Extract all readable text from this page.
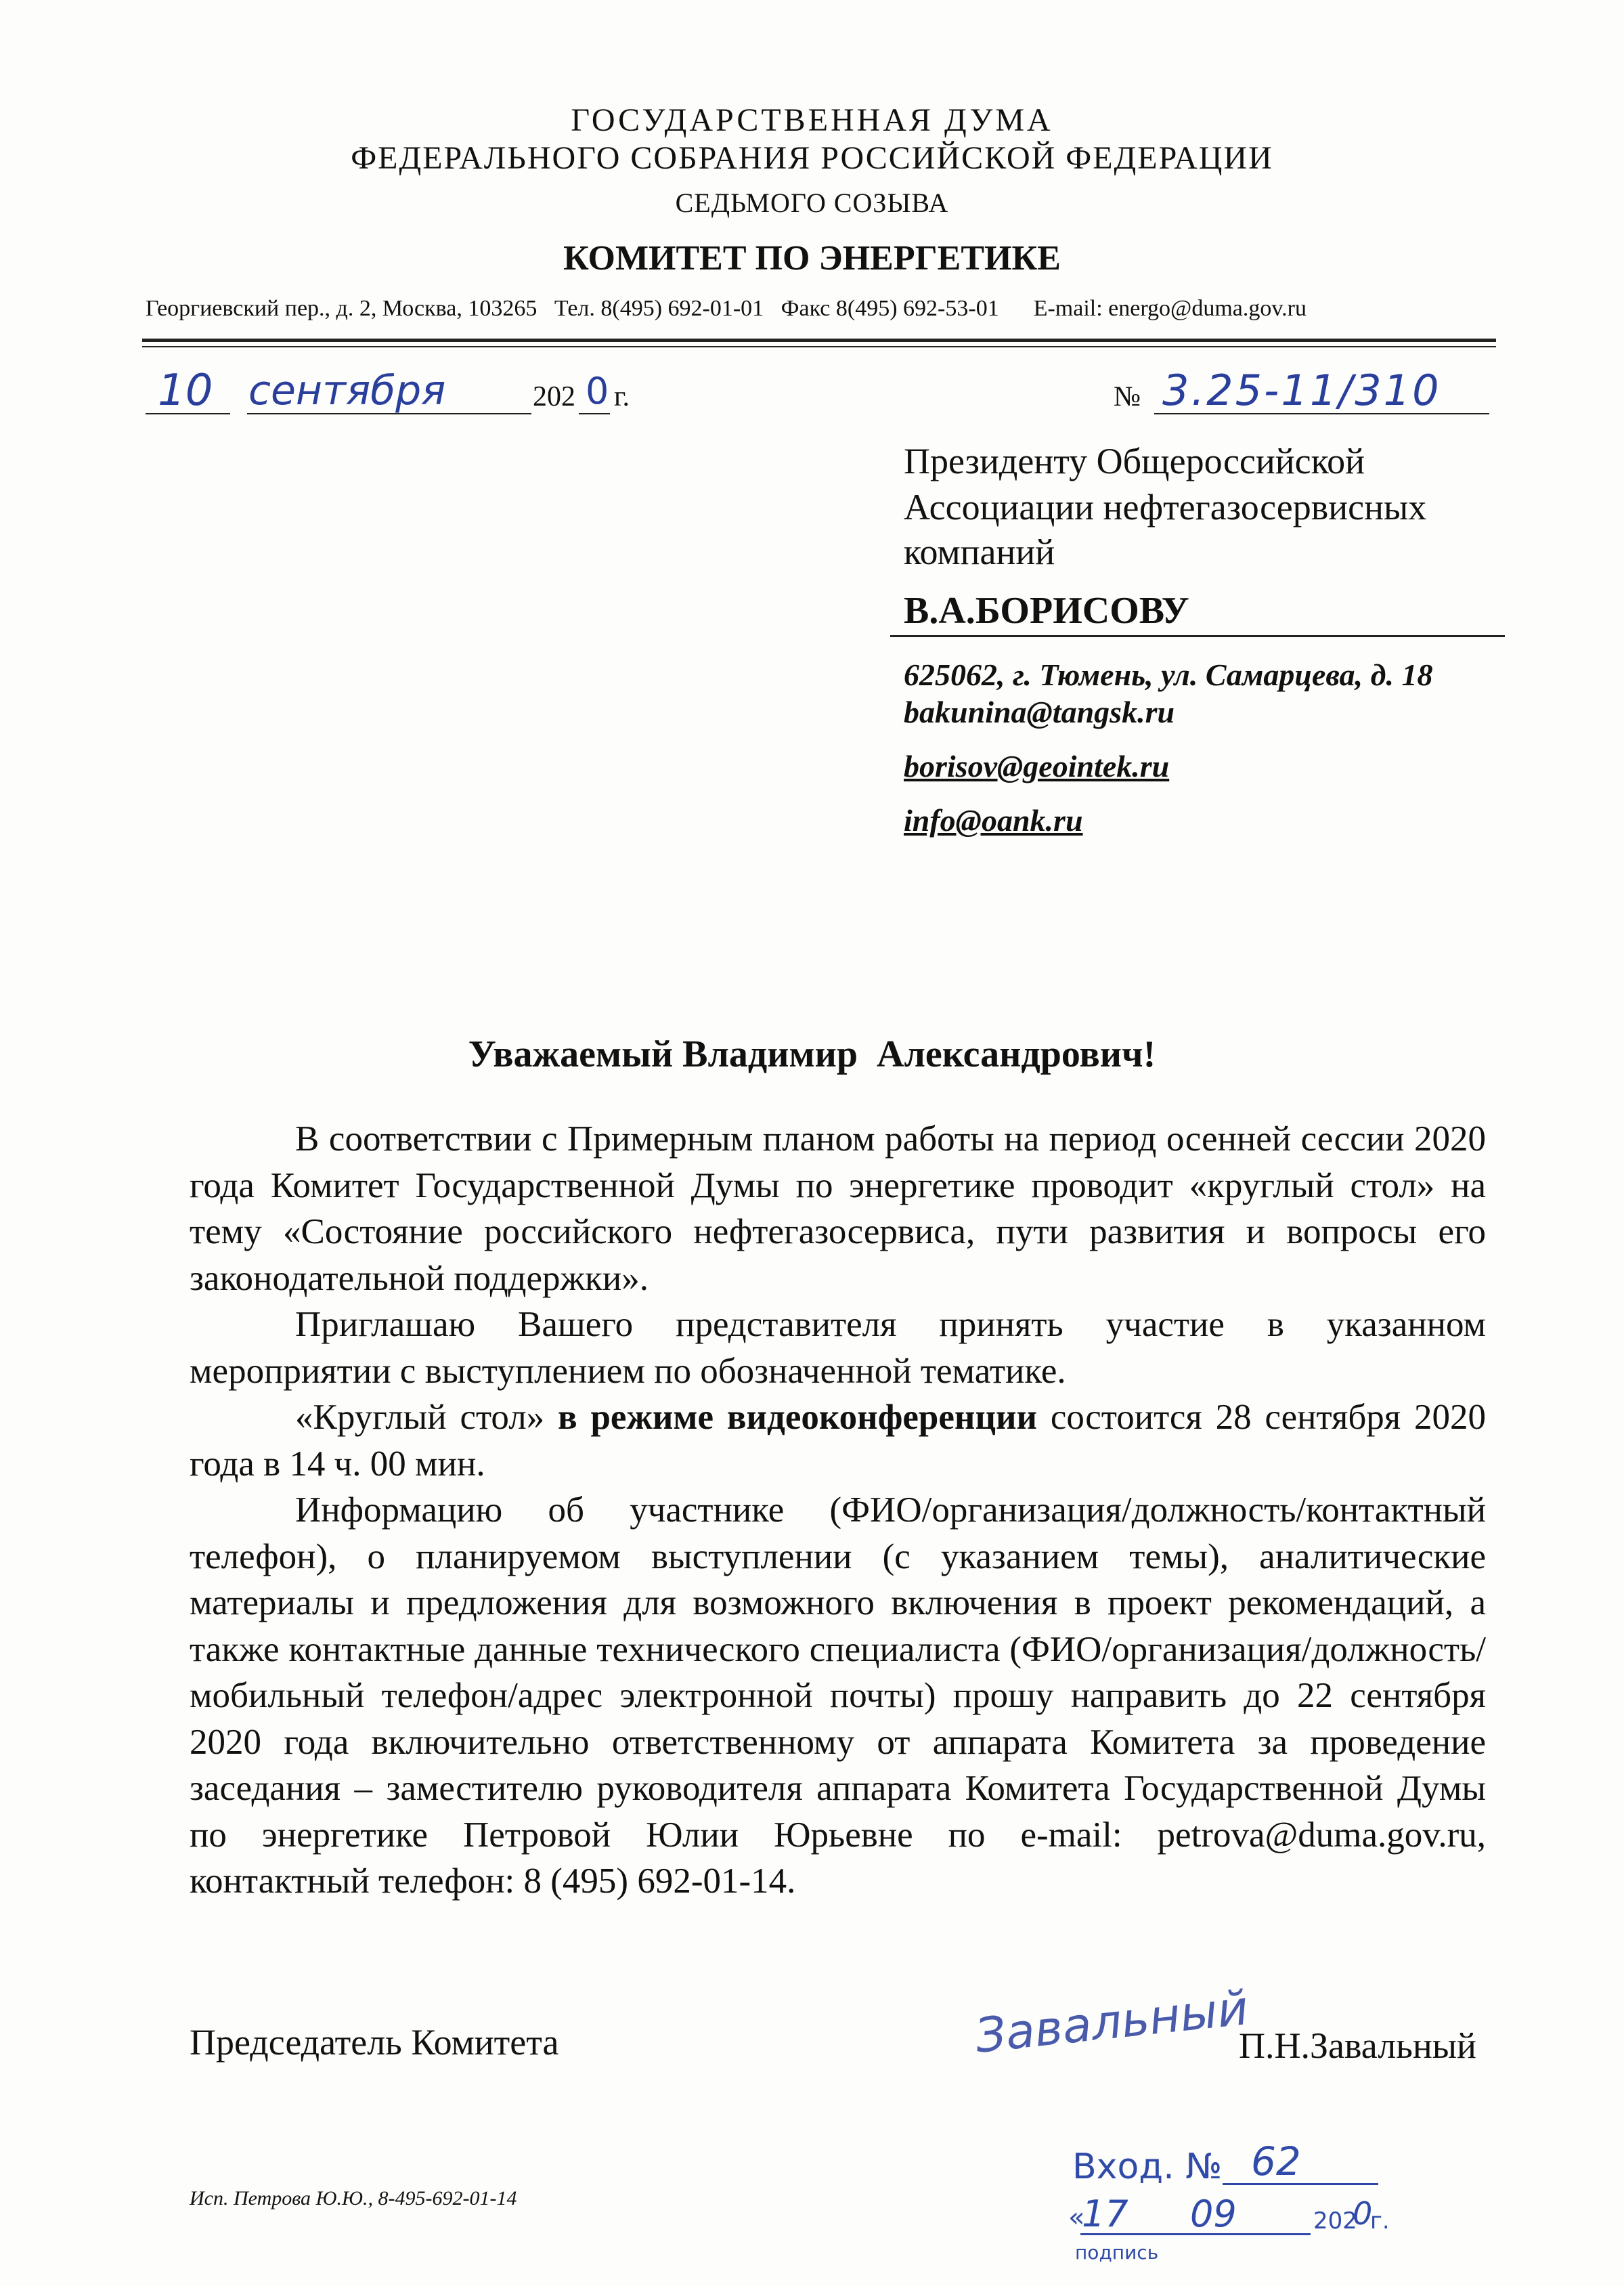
ГОСУДАРСТВЕННАЯ ДУМА
ФЕДЕРАЛЬНОГО СОБРАНИЯ РОССИЙСКОЙ ФЕДЕРАЦИИ
СЕДЬМОГО СОЗЫВА
КОМИТЕТ ПО ЭНЕРГЕТИКЕ
Георгиевский пер., д. 2, Москва, 103265   Тел. 8(495) 692-01-01   Факс 8(495) 692-53-01      E-mail: energo@duma.gov.ru
10 сентября	202 0 г.	№ 3.25-11/310
Президенту Общероссийской
Ассоциации нефтегазосервисных
компаний
В.А.БОРИСОВУ
625062, г. Тюмень, ул. Самарцева, д. 18
bakunina@tangsk.ru
borisov@geointek.ru
info@oank.ru
Уважаемый Владимир  Александрович!

В соответствии с Примерным планом работы на период осенней сессии 2020 года Комитет Государственной Думы по энергетике проводит «круглый стол» на тему «Состояние российского нефтегазосервиса, пути развития и вопросы его законодательной поддержки».

Приглашаю Вашего представителя принять участие в указанном мероприятии с выступлением по обозначенной тематике.

«Круглый стол» в режиме видеоконференции состоится 28 сентября 2020 года в 14 ч. 00 мин.

Информацию об участнике (ФИО/организация/должность/контактный телефон), о планируемом выступлении (с указанием темы), аналитические материалы и предложения для возможного включения в проект рекомендаций, а также контактные данные технического специалиста (ФИО/организация/должность/мобильный телефон/адрес электронной почты) прошу направить до 22 сентября 2020 года включительно ответственному от аппарата Комитета за проведение заседания – заместителю руководителя аппарата Комитета Государственной Думы по энергетике Петровой Юлии Юрьевне по e-mail: petrova@duma.gov.ru, контактный телефон: 8 (495) 692-01-14.

Председатель Комитета	Завальный
П.Н.Завальный
Исп. Петрова Ю.Ю., 8-495-692-01-14
Вход. № 62
«
17 09	202
0
г.
подпись
